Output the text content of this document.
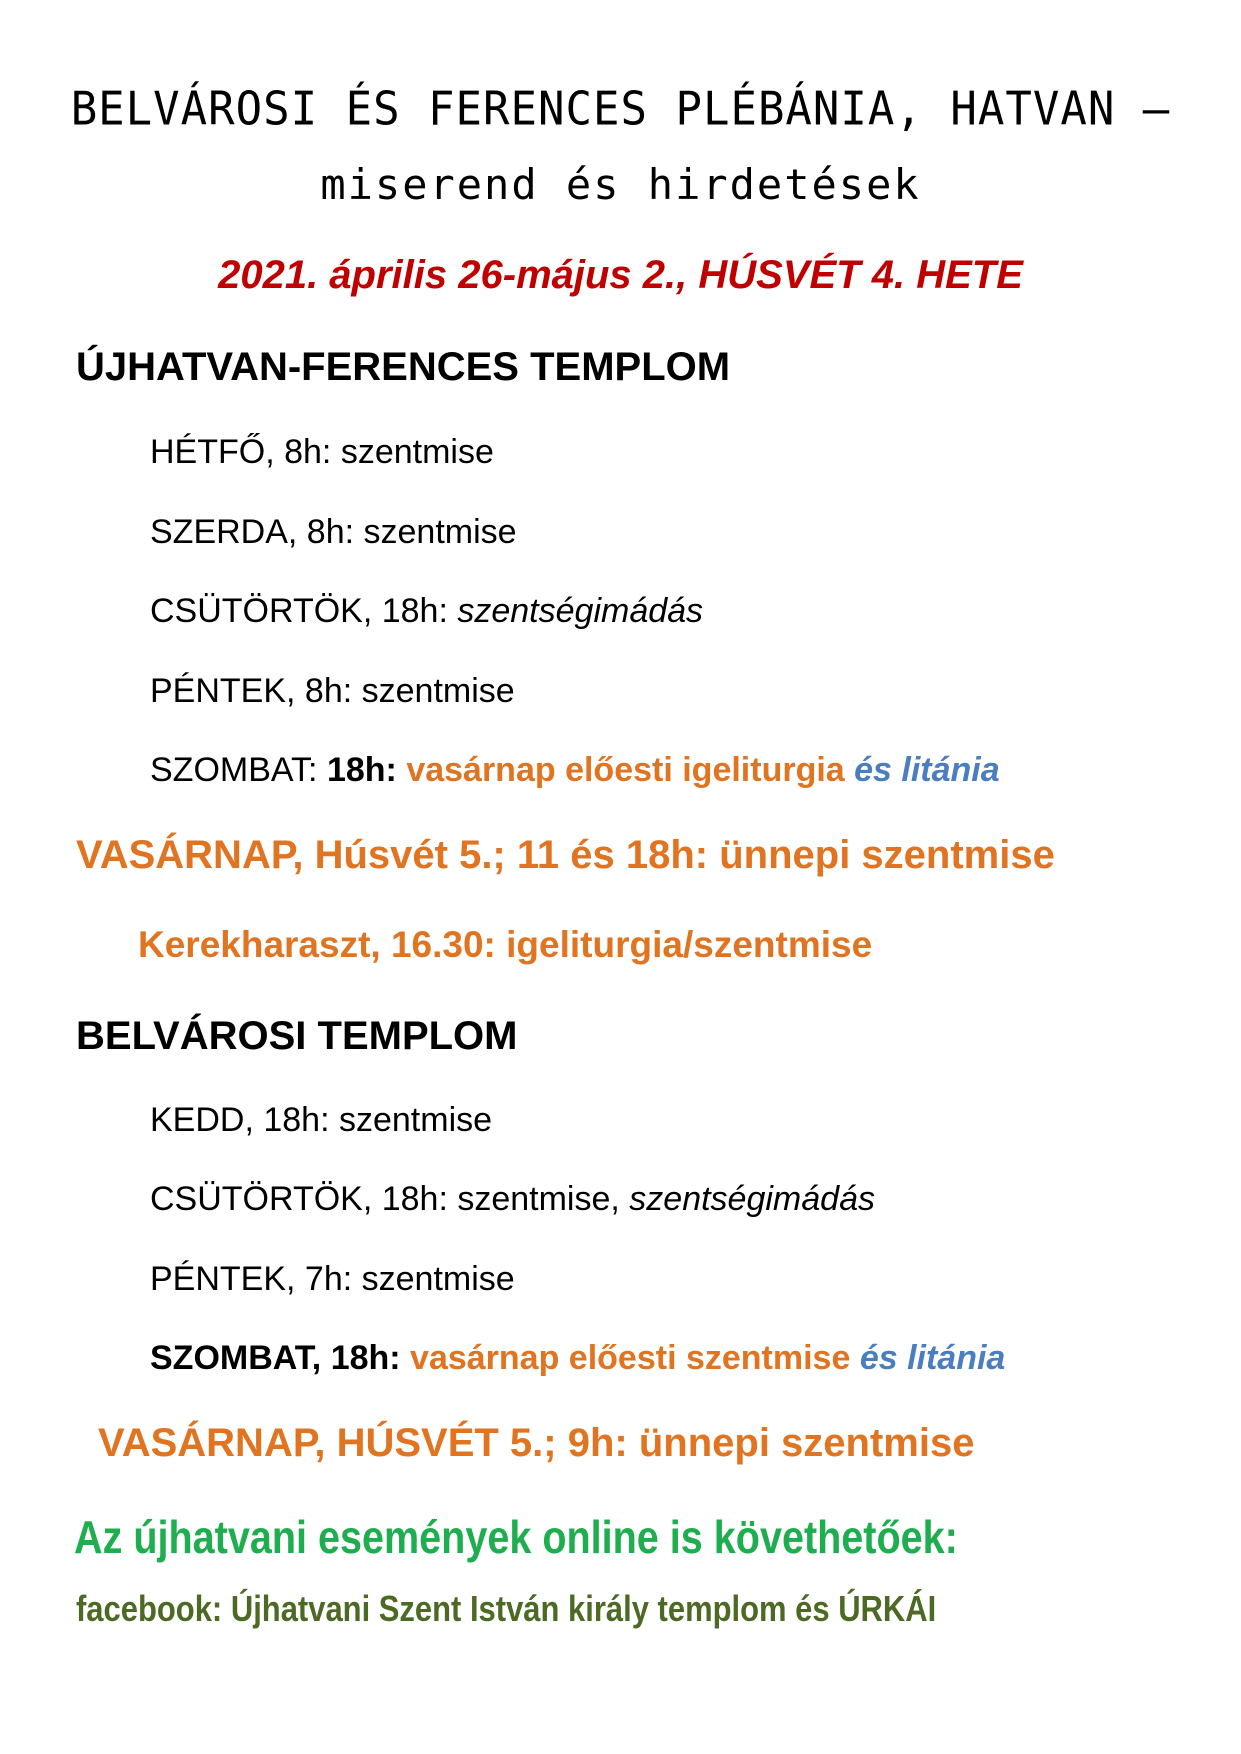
BELVÁROSI ÉS FERENCES PLÉBÁNIA, HATVAN –
miserend és hirdetések
2021. április 26-május 2., HÚSVÉT 4. HETE
ÚJHATVAN-FERENCES TEMPLOM
HÉTFŐ, 8h: szentmise
SZERDA, 8h: szentmise
CSÜTÖRTÖK, 18h: szentségimádás
PÉNTEK, 8h: szentmise
SZOMBAT: 18h: vasárnap előesti igeliturgia és litánia
VASÁRNAP, Húsvét 5.; 11 és 18h: ünnepi szentmise
Kerekharaszt, 16.30: igeliturgia/szentmise
BELVÁROSI TEMPLOM
KEDD, 18h: szentmise
CSÜTÖRTÖK, 18h: szentmise, szentségimádás
PÉNTEK, 7h: szentmise
SZOMBAT, 18h: vasárnap előesti szentmise és litánia
VASÁRNAP, HÚSVÉT 5.; 9h: ünnepi szentmise
Az újhatvani események online is követhetőek:
facebook: Újhatvani Szent István király templom és ÚRKÁI
